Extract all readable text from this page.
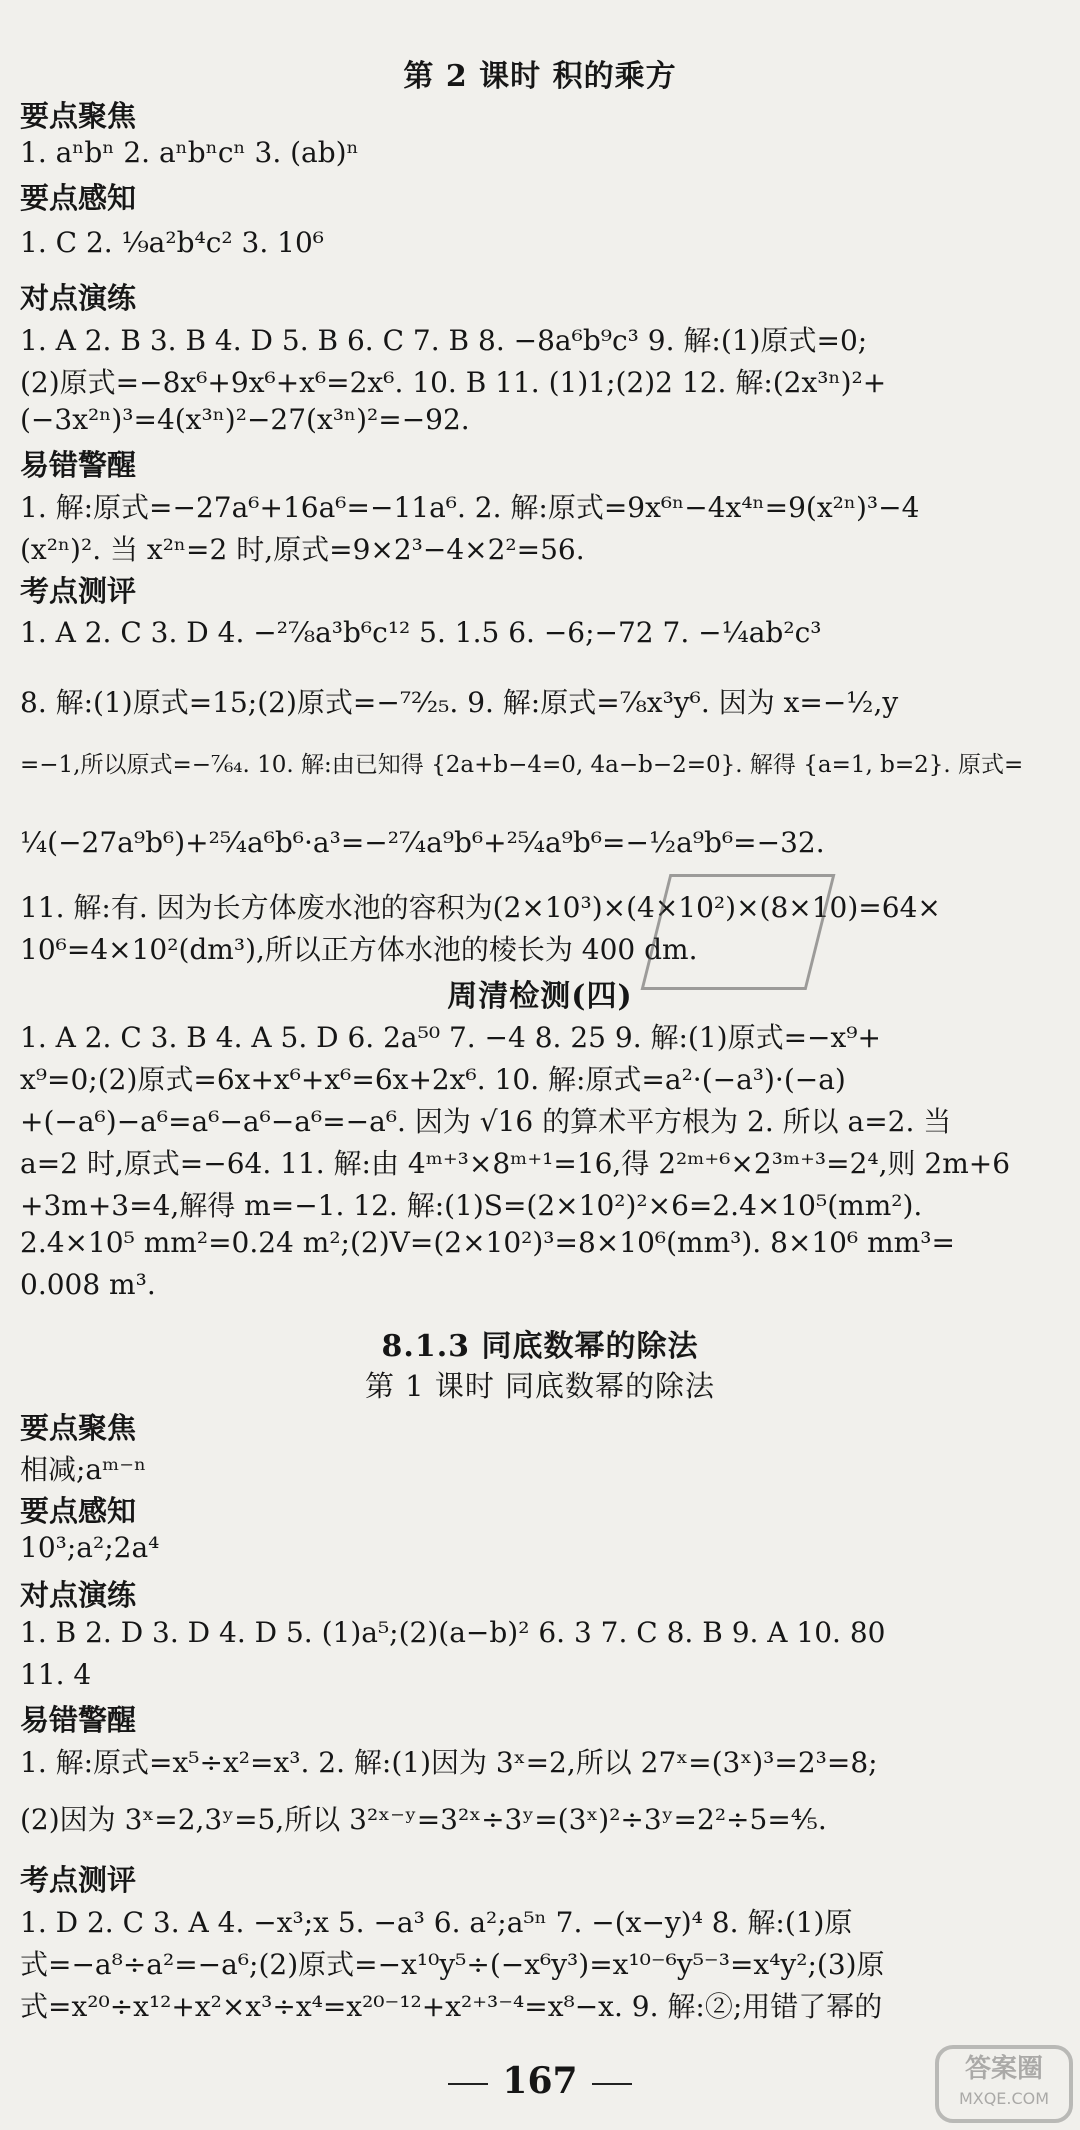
第 2 课时 积的乘方
要点聚焦
1. aⁿbⁿ 2. aⁿbⁿcⁿ 3. (ab)ⁿ
要点感知
1. C 2. ¹⁄₉a²b⁴c² 3. 10⁶
对点演练
1. A 2. B 3. B 4. D 5. B 6. C 7. B 8. −8a⁶b⁹c³ 9. 解:(1)原式=0;
(2)原式=−8x⁶+9x⁶+x⁶=2x⁶. 10. B 11. (1)1;(2)2 12. 解:(2x³ⁿ)²+
(−3x²ⁿ)³=4(x³ⁿ)²−27(x³ⁿ)²=−92.
易错警醒
1. 解:原式=−27a⁶+16a⁶=−11a⁶. 2. 解:原式=9x⁶ⁿ−4x⁴ⁿ=9(x²ⁿ)³−4
(x²ⁿ)². 当 x²ⁿ=2 时,原式=9×2³−4×2²=56.
考点测评
1. A 2. C 3. D 4. −²⁷⁄₈a³b⁶c¹² 5. 1.5 6. −6;−72 7. −¼ab²c³
8. 解:(1)原式=15;(2)原式=−⁷²⁄₂₅. 9. 解:原式=⁷⁄₈x³y⁶. 因为 x=−½,y
=−1,所以原式=−⁷⁄₆₄. 10. 解:由已知得 {2a+b−4=0, 4a−b−2=0}. 解得 {a=1, b=2}. 原式=
¼(−27a⁹b⁶)+²⁵⁄₄a⁶b⁶·a³=−²⁷⁄₄a⁹b⁶+²⁵⁄₄a⁹b⁶=−½a⁹b⁶=−32.
11. 解:有. 因为长方体废水池的容积为(2×10³)×(4×10²)×(8×10)=64×
10⁶=4×10²(dm³),所以正方体水池的棱长为 400 dm.
周清检测(四)
1. A 2. C 3. B 4. A 5. D 6. 2a⁵⁰ 7. −4 8. 25 9. 解:(1)原式=−x⁹+
x⁹=0;(2)原式=6x+x⁶+x⁶=6x+2x⁶. 10. 解:原式=a²·(−a³)·(−a)
+(−a⁶)−a⁶=a⁶−a⁶−a⁶=−a⁶. 因为 √16 的算术平方根为 2. 所以 a=2. 当
a=2 时,原式=−64. 11. 解:由 4ᵐ⁺³×8ᵐ⁺¹=16,得 2²ᵐ⁺⁶×2³ᵐ⁺³=2⁴,则 2m+6
+3m+3=4,解得 m=−1. 12. 解:(1)S=(2×10²)²×6=2.4×10⁵(mm²).
2.4×10⁵ mm²=0.24 m²;(2)V=(2×10²)³=8×10⁶(mm³). 8×10⁶ mm³=
0.008 m³.
8.1.3 同底数幂的除法
第 1 课时 同底数幂的除法
要点聚焦
相减;aᵐ⁻ⁿ
要点感知
10³;a²;2a⁴
对点演练
1. B 2. D 3. D 4. D 5. (1)a⁵;(2)(a−b)² 6. 3 7. C 8. B 9. A 10. 80
11. 4
易错警醒
1. 解:原式=x⁵÷x²=x³. 2. 解:(1)因为 3ˣ=2,所以 27ˣ=(3ˣ)³=2³=8;
(2)因为 3ˣ=2,3ʸ=5,所以 3²ˣ⁻ʸ=3²ˣ÷3ʸ=(3ˣ)²÷3ʸ=2²÷5=⁴⁄₅.
考点测评
1. D 2. C 3. A 4. −x³;x 5. −a³ 6. a²;a⁵ⁿ 7. −(x−y)⁴ 8. 解:(1)原
式=−a⁸÷a²=−a⁶;(2)原式=−x¹⁰y⁵÷(−x⁶y³)=x¹⁰⁻⁶y⁵⁻³=x⁴y²;(3)原
式=x²⁰÷x¹²+x²×x³÷x⁴=x²⁰⁻¹²+x²⁺³⁻⁴=x⁸−x. 9. 解:②;用错了幂的
167	答案圈
MXQE.COM
